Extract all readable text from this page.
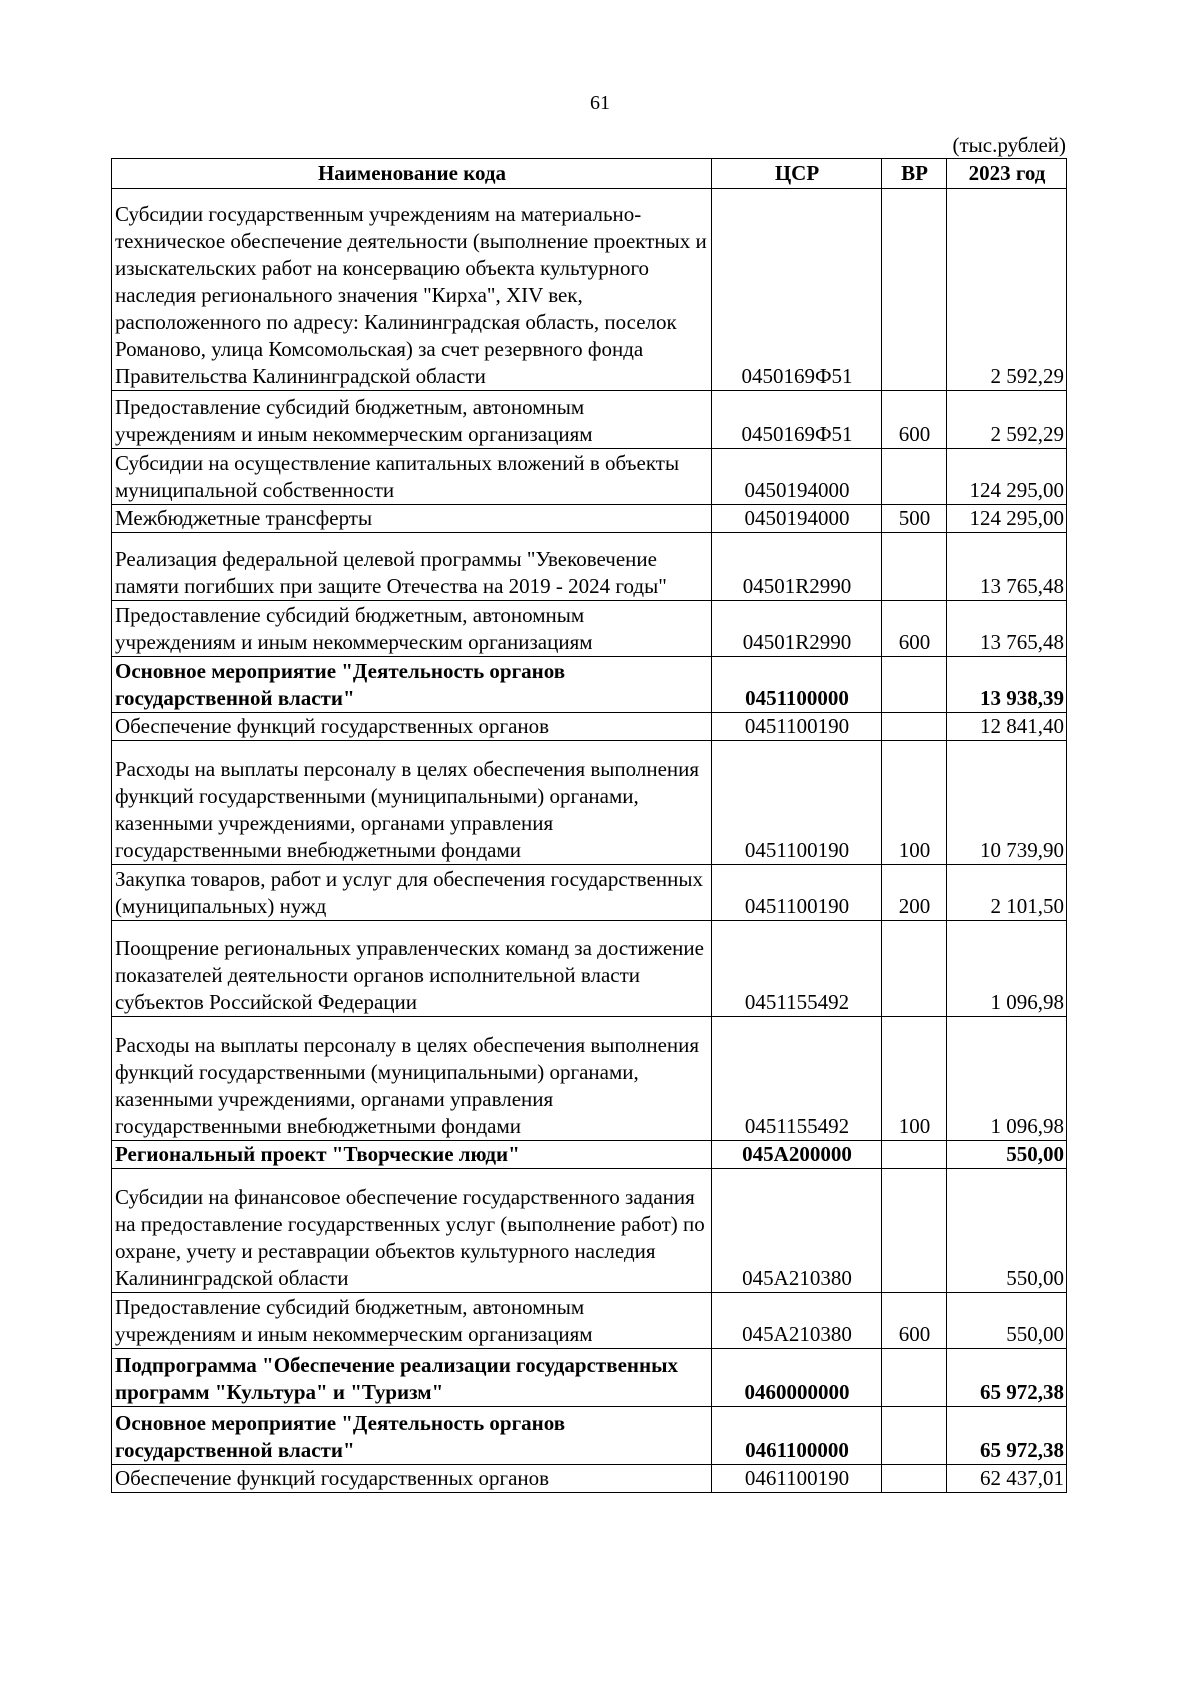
61
(тыс.рублей)
Наименование кода	ЦСР	ВР	2023 год
Субсидии государственным учреждениям на материально-техническое обеспечение деятельности (выполнение проектных и изыскательских работ на консервацию объекта культурного наследия регионального значения "Кирха", XIV век, расположенного по адресу: Калининградская область, поселок Романово, улица Комсомольская) за счет резервного фонда Правительства Калининградской области	0450169Ф51		2 592,29
Предоставление субсидий бюджетным, автономным учреждениям и иным некоммерческим организациям	0450169Ф51	600	2 592,29
Субсидии на осуществление капитальных вложений в объекты муниципальной собственности	0450194000		124 295,00
Межбюджетные трансферты	0450194000	500	124 295,00
Реализация федеральной целевой программы "Увековечение памяти погибших при защите Отечества на 2019 - 2024 годы"	04501R2990		13 765,48
Предоставление субсидий бюджетным, автономным учреждениям и иным некоммерческим организациям	04501R2990	600	13 765,48
Основное мероприятие "Деятельность органов государственной власти"	0451100000		13 938,39
Обеспечение функций государственных органов	0451100190		12 841,40
Расходы на выплаты персоналу в целях обеспечения выполнения функций государственными (муниципальными) органами, казенными учреждениями, органами управления государственными внебюджетными фондами	0451100190	100	10 739,90
Закупка товаров, работ и услуг для обеспечения государственных (муниципальных) нужд	0451100190	200	2 101,50
Поощрение региональных управленческих команд за достижение показателей деятельности органов исполнительной власти субъектов Российской Федерации	0451155492		1 096,98
Расходы на выплаты персоналу в целях обеспечения выполнения функций государственными (муниципальными) органами, казенными учреждениями, органами управления государственными внебюджетными фондами	0451155492	100	1 096,98
Региональный проект "Творческие люди"	045А200000		550,00
Субсидии на финансовое обеспечение государственного задания на предоставление государственных услуг (выполнение работ) по охране, учету и реставрации объектов культурного наследия Калининградской области	045А210380		550,00
Предоставление субсидий бюджетным, автономным учреждениям и иным некоммерческим организациям	045А210380	600	550,00
Подпрограмма "Обеспечение реализации государственных программ "Культура" и "Туризм"	0460000000		65 972,38
Основное мероприятие "Деятельность органов государственной власти"	0461100000		65 972,38
Обеспечение функций государственных органов	0461100190		62 437,01
